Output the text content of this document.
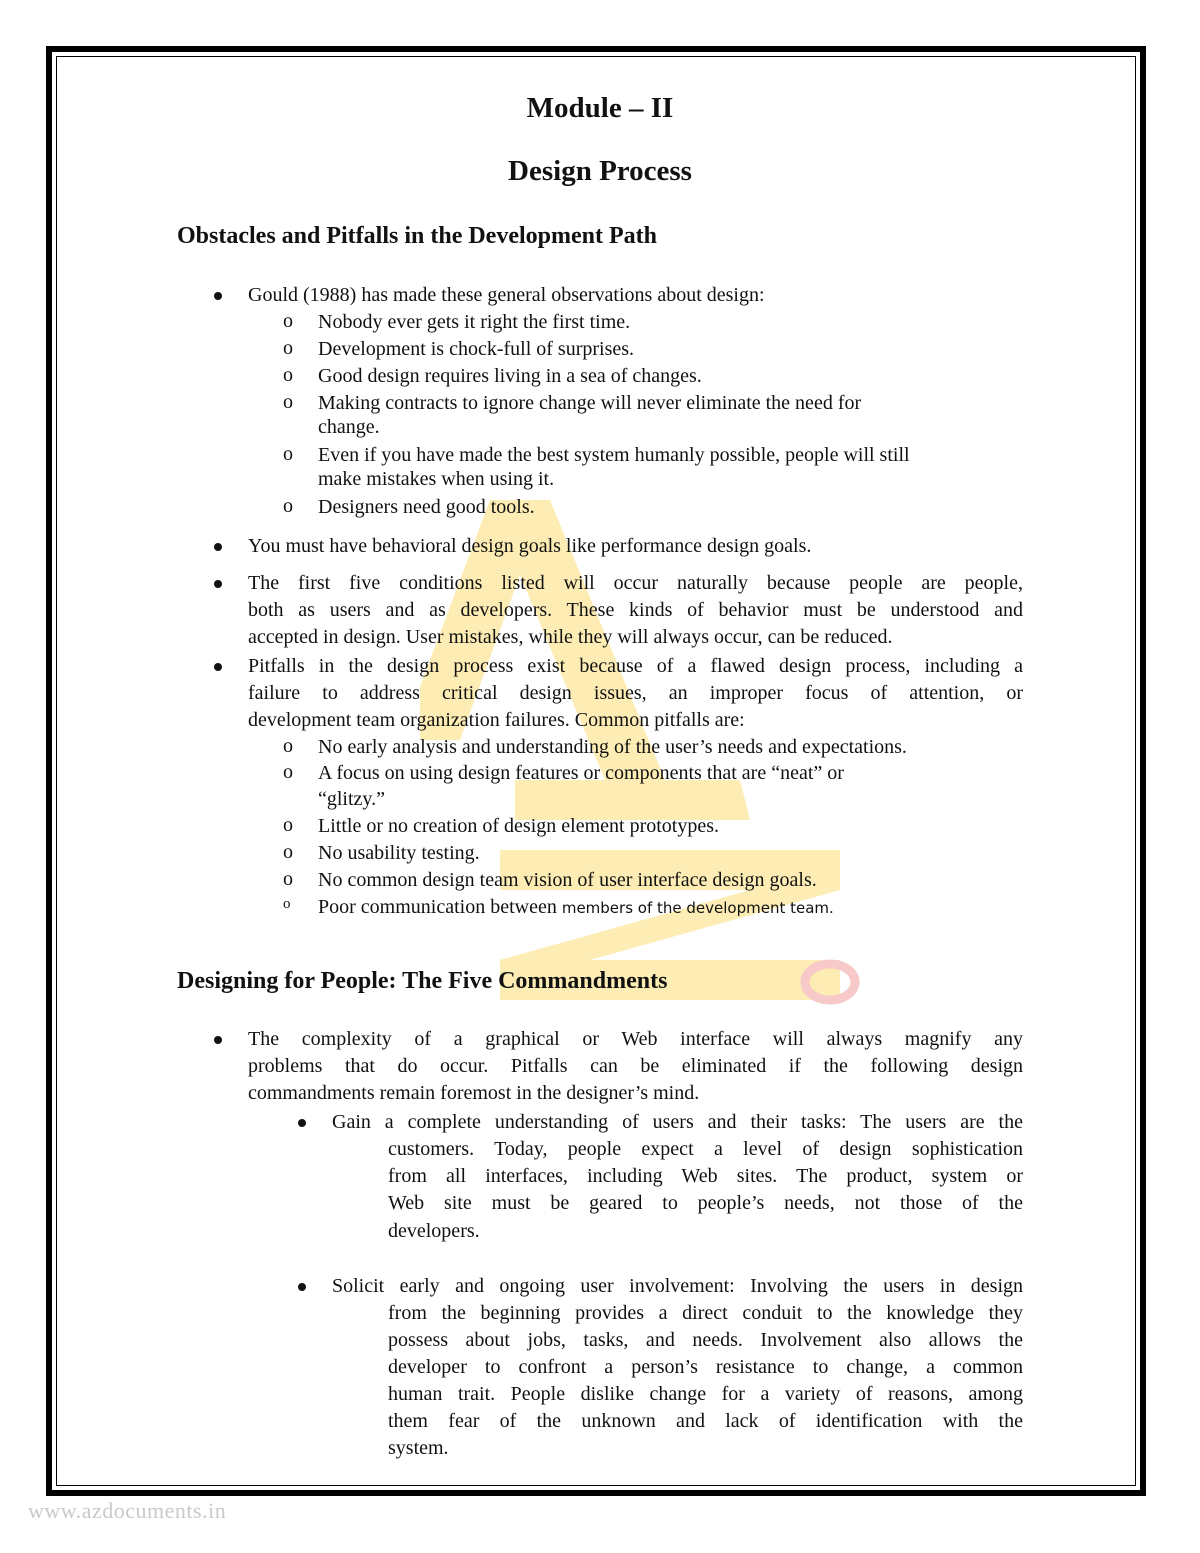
Module – II
Design Process
Obstacles and Pitfalls in the Development Path
Gould (1988) has made these general observations about design:
o Nobody ever gets it right the first time.
o Development is chock-full of surprises.
o Good design requires living in a sea of changes.
o Making contracts to ignore change will never eliminate the need for
change.
o Even if you have made the best system humanly possible, people will still
make mistakes when using it.
o Designers need good tools.
You must have behavioral design goals like performance design goals.
The first five conditions listed will occur naturally because people are people,
both as users and as developers. These kinds of behavior must be understood and
accepted in design. User mistakes, while they will always occur, can be reduced.
Pitfalls in the design process exist because of a flawed design process, including a
failure to address critical design issues, an improper focus of attention, or
development team organization failures. Common pitfalls are:
o No early analysis and understanding of the user’s needs and expectations.
o A focus on using design features or components that are “neat” or
“glitzy.”
o Little or no creation of design element prototypes.
o No usability testing.
o No common design team vision of user interface design goals.
o Poor communication between members of the development team.
Designing for People: The Five Commandments
The complexity of a graphical or Web interface will always magnify any
problems that do occur. Pitfalls can be eliminated if the following design
commandments remain foremost in the designer’s mind.
Gain a complete understanding of users and their tasks: The users are the
customers. Today, people expect a level of design sophistication
from all interfaces, including Web sites. The product, system or
Web site must be geared to people’s needs, not those of the
developers.
Solicit early and ongoing user involvement: Involving the users in design
from the beginning provides a direct conduit to the knowledge they
possess about jobs, tasks, and needs. Involvement also allows the
developer to confront a person’s resistance to change, a common
human trait. People dislike change for a variety of reasons, among
them fear of the unknown and lack of identification with the
system.
www.azdocuments.in
